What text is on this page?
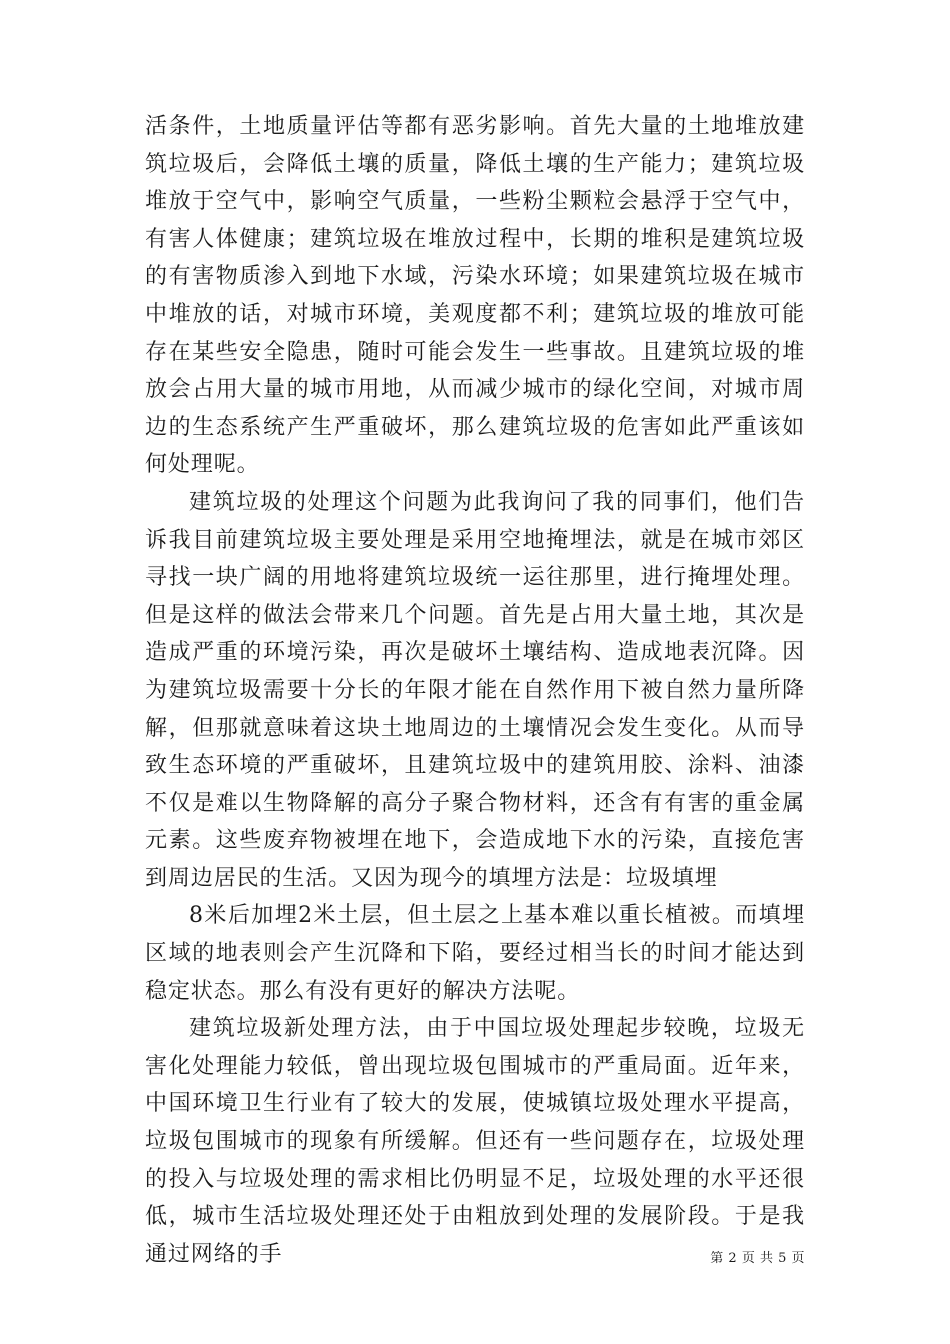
活条件，土地质量评估等都有恶劣影响。首先大量的土地堆放建筑垃圾后，会降低土壤的质量，降低土壤的生产能力；建筑垃圾堆放于空气中，影响空气质量，一些粉尘颗粒会悬浮于空气中，有害人体健康；建筑垃圾在堆放过程中，长期的堆积是建筑垃圾的有害物质渗入到地下水域，污染水环境；如果建筑垃圾在城市中堆放的话，对城市环境，美观度都不利；建筑垃圾的堆放可能存在某些安全隐患，随时可能会发生一些事故。且建筑垃圾的堆放会占用大量的城市用地，从而减少城市的绿化空间，对城市周边的生态系统产生严重破坏，那么建筑垃圾的危害如此严重该如何处理呢。

建筑垃圾的处理这个问题为此我询问了我的同事们，他们告诉我目前建筑垃圾主要处理是采用空地掩埋法，就是在城市郊区寻找一块广阔的用地将建筑垃圾统一运往那里，进行掩埋处理。但是这样的做法会带来几个问题。首先是占用大量土地，其次是造成严重的环境污染，再次是破坏土壤结构、造成地表沉降。因为建筑垃圾需要十分长的年限才能在自然作用下被自然力量所降解，但那就意味着这块土地周边的土壤情况会发生变化。从而导致生态环境的严重破坏，且建筑垃圾中的建筑用胶、涂料、油漆不仅是难以生物降解的高分子聚合物材料，还含有有害的重金属元素。这些废弃物被埋在地下，会造成地下水的污染，直接危害到周边居民的生活。又因为现今的填埋方法是：垃圾填埋

8米后加埋2米土层，但土层之上基本难以重长植被。而填埋区域的地表则会产生沉降和下陷，要经过相当长的时间才能达到稳定状态。那么有没有更好的解决方法呢。

建筑垃圾新处理方法，由于中国垃圾处理起步较晚，垃圾无害化处理能力较低，曾出现垃圾包围城市的严重局面。近年来，中国环境卫生行业有了较大的发展，使城镇垃圾处理水平提高，垃圾包围城市的现象有所缓解。但还有一些问题存在，垃圾处理的投入与垃圾处理的需求相比仍明显不足，垃圾处理的水平还很低，城市生活垃圾处理还处于由粗放到处理的发展阶段。于是我通过网络的手	第 2 页 共 5 页
